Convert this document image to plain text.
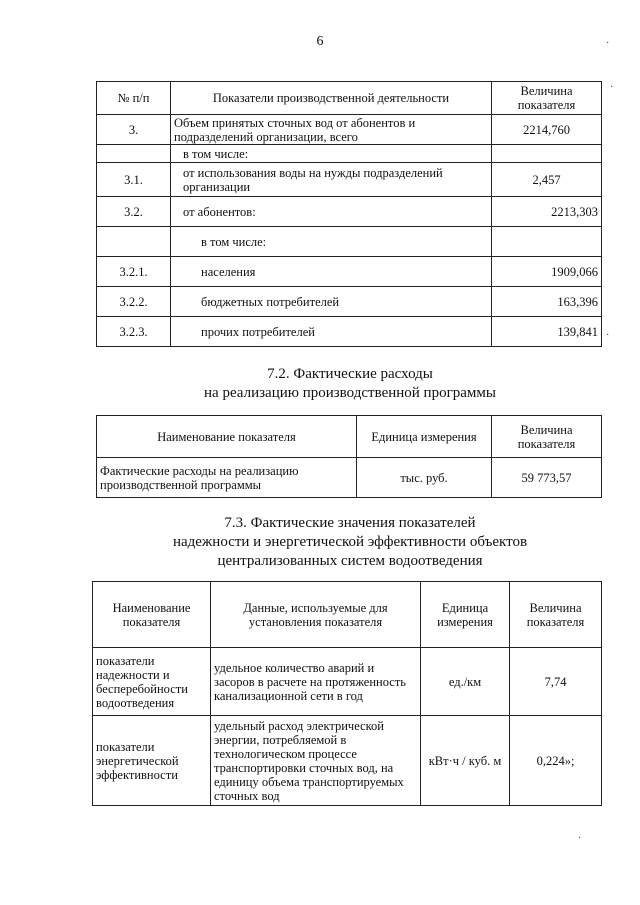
6	·
·
·
№ п/п	Показатели производственной деятельности	Величина показателя
3.	Объем принятых сточных вод от абонентов и подразделений организации, всего	2214,760
	в том числе:	
3.1.	от использования воды на нужды подразделений организации	2,457
3.2.	от абонентов:	2213,303
	в том числе:	
3.2.1.	населения	1909,066
3.2.2.	бюджетных потребителей	163,396
3.2.3.	прочих потребителей	139,841
7.2. Фактические расходы
на реализацию производственной программы
Наименование показателя	Единица измерения	Величина показателя
Фактические расходы на реализацию производственной программы	тыс. руб.	59 773,57
7.3. Фактические значения показателей
надежности и энергетической эффективности объектов
централизованных систем водоотведения
Наименование показателя	Данные, используемые для установления показателя	Единица измерения	Величина показателя
показатели надежности и бесперебойности водоотведения	удельное количество аварий и засоров в расчете на протяженность канализационной сети в год	ед./км	7,74
показатели энергетической эффективности	удельный расход электрической энергии, потребляемой в технологическом процессе транспортировки сточных вод, на единицу объема транспортируемых сточных вод	кВт·ч / куб. м	0,224»;
·
